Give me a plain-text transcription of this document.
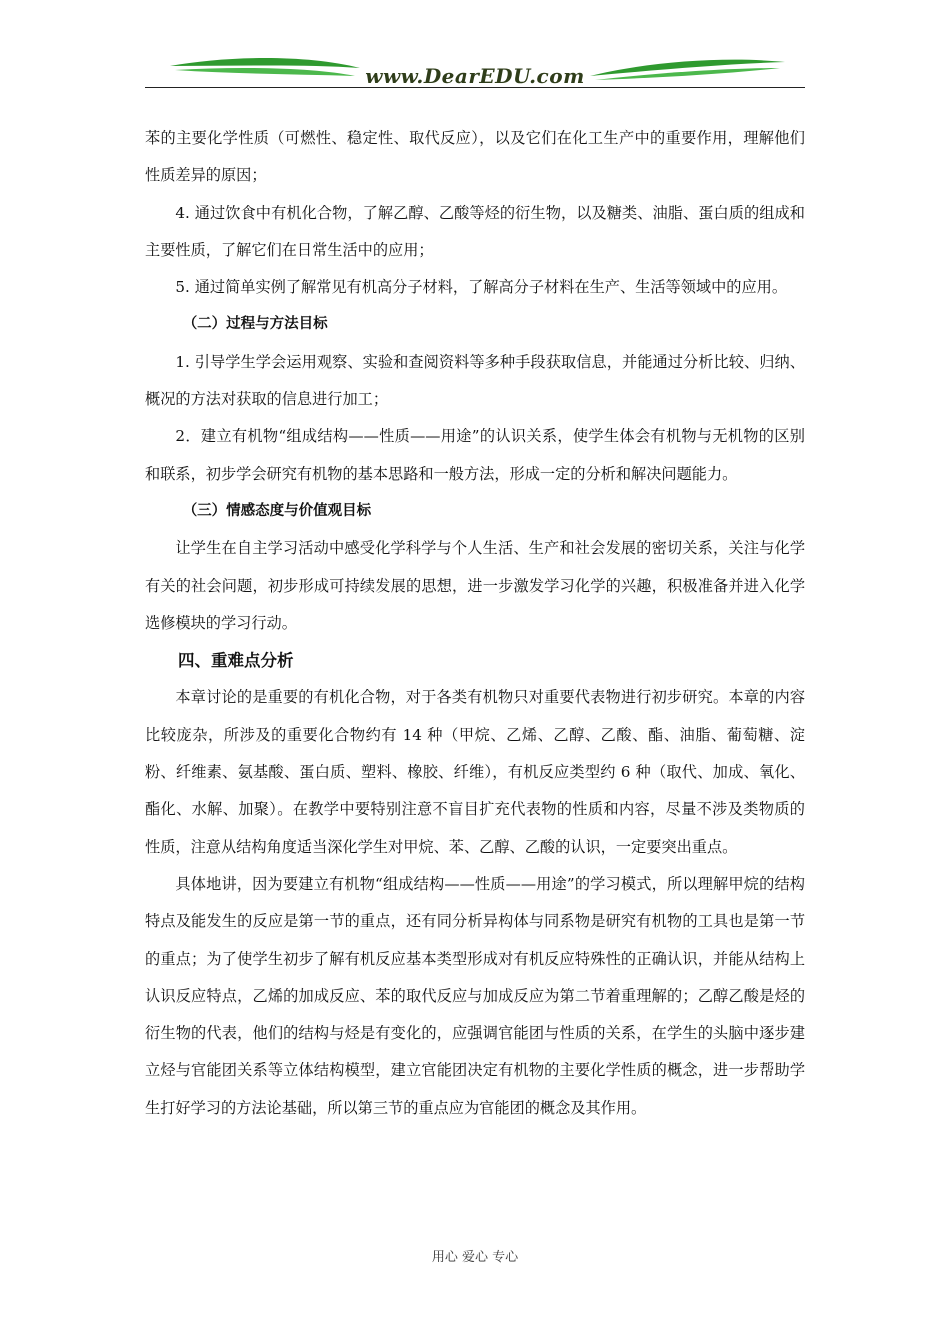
www.DearEDU.com

苯的主要化学性质（可燃性、稳定性、取代反应），以及它们在化工生产中的重要作用，理解他们性质差异的原因；

4. 通过饮食中有机化合物，了解乙醇、乙酸等烃的衍生物，以及糖类、油脂、蛋白质的组成和主要性质，了解它们在日常生活中的应用；

5. 通过简单实例了解常见有机高分子材料，了解高分子材料在生产、生活等领域中的应用。

（二）过程与方法目标

1. 引导学生学会运用观察、实验和查阅资料等多种手段获取信息，并能通过分析比较、归纳、概况的方法对获取的信息进行加工；

2．建立有机物“组成结构——性质——用途”的认识关系，使学生体会有机物与无机物的区别和联系，初步学会研究有机物的基本思路和一般方法，形成一定的分析和解决问题能力。

（三）情感态度与价值观目标

让学生在自主学习活动中感受化学科学与个人生活、生产和社会发展的密切关系，关注与化学有关的社会问题，初步形成可持续发展的思想，进一步激发学习化学的兴趣，积极准备并进入化学选修模块的学习行动。

四、重难点分析

本章讨论的是重要的有机化合物，对于各类有机物只对重要代表物进行初步研究。本章的内容比较庞杂，所涉及的重要化合物约有 14 种（甲烷、乙烯、乙醇、乙酸、酯、油脂、葡萄糖、淀粉、纤维素、氨基酸、蛋白质、塑料、橡胶、纤维），有机反应类型约 6 种（取代、加成、氧化、酯化、水解、加聚）。在教学中要特别注意不盲目扩充代表物的性质和内容，尽量不涉及类物质的性质，注意从结构角度适当深化学生对甲烷、苯、乙醇、乙酸的认识，一定要突出重点。

具体地讲，因为要建立有机物“组成结构——性质——用途”的学习模式，所以理解甲烷的结构特点及能发生的反应是第一节的重点，还有同分析异构体与同系物是研究有机物的工具也是第一节的重点；为了使学生初步了解有机反应基本类型形成对有机反应特殊性的正确认识，并能从结构上认识反应特点，乙烯的加成反应、苯的取代反应与加成反应为第二节着重理解的；乙醇乙酸是烃的衍生物的代表，他们的结构与烃是有变化的，应强调官能团与性质的关系，在学生的头脑中逐步建立烃与官能团关系等立体结构模型，建立官能团决定有机物的主要化学性质的概念，进一步帮助学生打好学习的方法论基础，所以第三节的重点应为官能团的概念及其作用。

用心 爱心 专心
